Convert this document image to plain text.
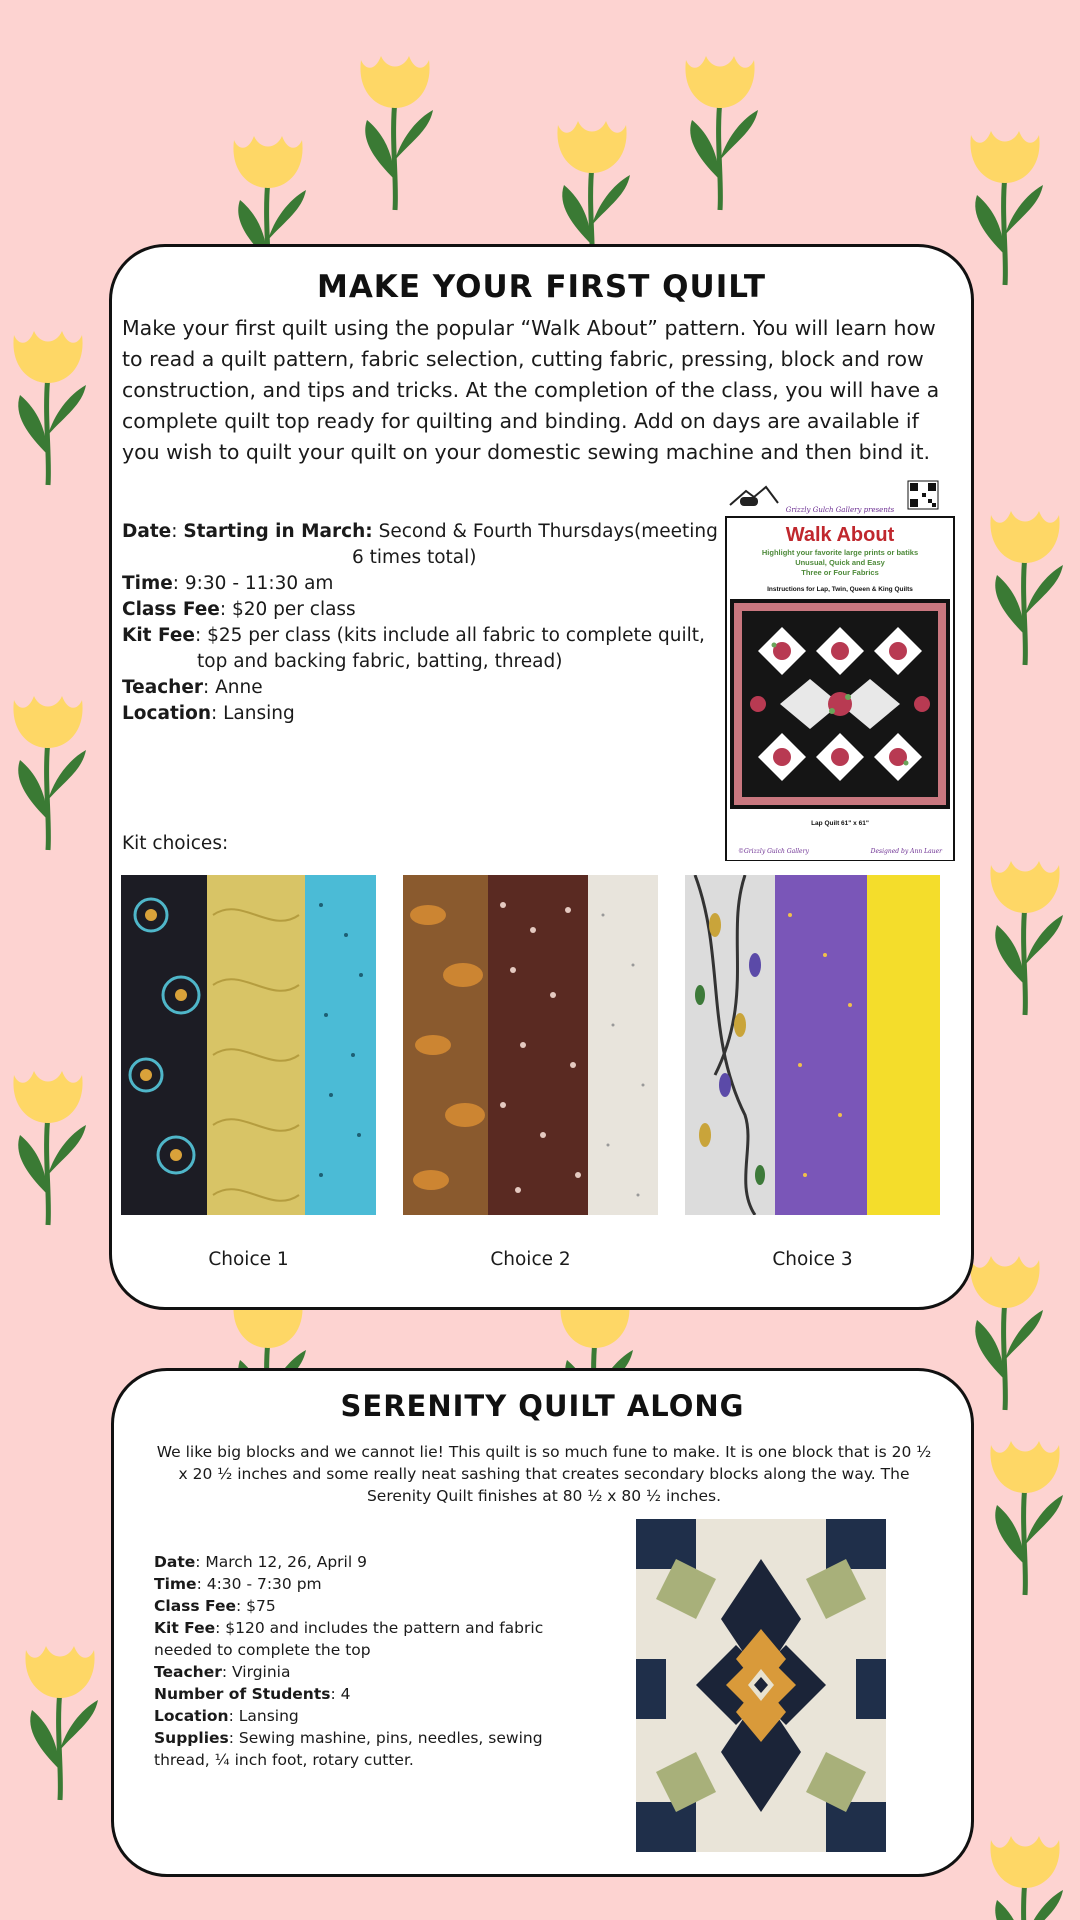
MAKE YOUR FIRST QUILT

Make your first quilt using the popular “Walk About” pattern. You will learn how to read a quilt pattern, fabric selection, cutting fabric, pressing, block and row construction, and tips and tricks. At the completion of the class, you will have a complete quilt top ready for quilting and binding. Add on days are available if you wish to quilt your quilt on your domestic sewing machine and then bind it.

Date: Starting in March: Second & Fourth Thursdays(meeting
6 times total)
Time: 9:30 - 11:30 am
Class Fee: $20 per class
Kit Fee: $25 per class (kits include all fabric to complete quilt,
top and backing fabric, batting, thread)
Teacher: Anne
Location: Lansing
Grizzly Gulch Gallery presents
Walk About
Highlight your favorite large prints or batiks
Unusual, Quick and Easy
Three or Four Fabrics
Instructions for Lap, Twin, Queen & King Quilts
Lap Quilt 61" x 61"
©Grizzly Gulch Gallery	Designed by Ann Lauer
Kit choices:
Choice 1	Choice 2	Choice 3
SERENITY QUILT ALONG

We like big blocks and we cannot lie! This quilt is so much fune to make. It is one block that is 20 ½ x 20 ½ inches and some really neat sashing that creates secondary blocks along the way. The Serenity Quilt finishes at 80 ½ x 80 ½ inches.

Date: March 12, 26, April 9
Time: 4:30 - 7:30 pm
Class Fee: $75
Kit Fee: $120 and includes the pattern and fabric needed to complete the top
Teacher: Virginia
Number of Students: 4
Location: Lansing
Supplies: Sewing mashine, pins, needles, sewing thread, ¼ inch foot, rotary cutter.
